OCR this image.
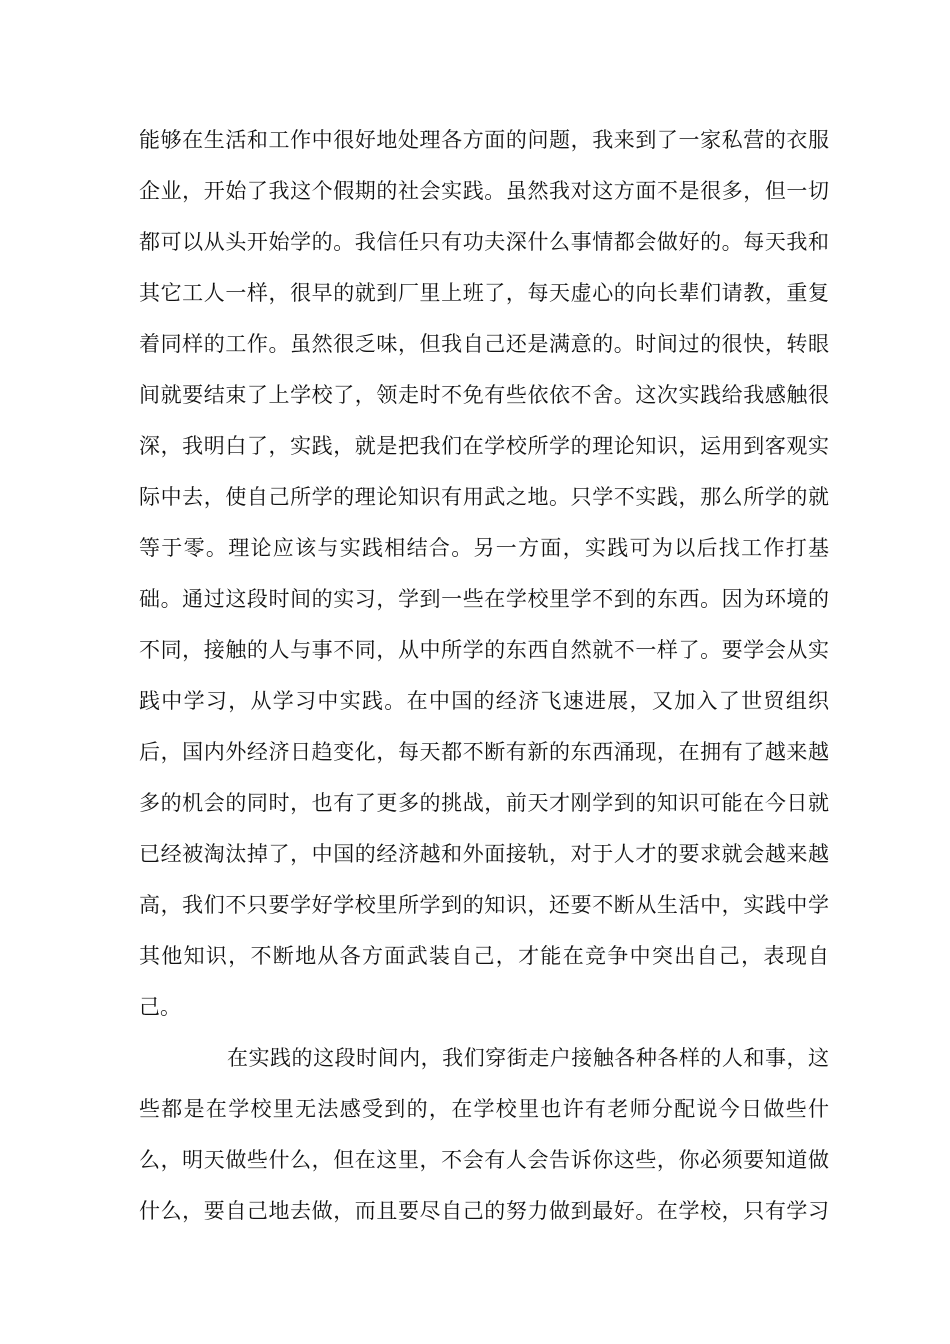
能够在生活和工作中很好地处理各方面的问题，我来到了一家私营的衣服
企业，开始了我这个假期的社会实践。虽然我对这方面不是很多，但一切
都可以从头开始学的。我信任只有功夫深什么事情都会做好的。每天我和
其它工人一样，很早的就到厂里上班了，每天虚心的向长辈们请教，重复
着同样的工作。虽然很乏味，但我自己还是满意的。时间过的很快，转眼
间就要结束了上学校了，领走时不免有些依依不舍。这次实践给我感触很
深，我明白了，实践，就是把我们在学校所学的理论知识，运用到客观实
际中去，使自己所学的理论知识有用武之地。只学不实践，那么所学的就
等于零。理论应该与实践相结合。另一方面，实践可为以后找工作打基
础。通过这段时间的实习，学到一些在学校里学不到的东西。因为环境的
不同，接触的人与事不同，从中所学的东西自然就不一样了。要学会从实
践中学习，从学习中实践。在中国的经济飞速进展，又加入了世贸组织
后，国内外经济日趋变化，每天都不断有新的东西涌现，在拥有了越来越
多的机会的同时，也有了更多的挑战，前天才刚学到的知识可能在今日就
已经被淘汰掉了，中国的经济越和外面接轨，对于人才的要求就会越来越
高，我们不只要学好学校里所学到的知识，还要不断从生活中，实践中学
其他知识，不断地从各方面武装自己，才能在竞争中突出自己，表现自
己。
在实践的这段时间内，我们穿街走户接触各种各样的人和事，这
些都是在学校里无法感受到的，在学校里也许有老师分配说今日做些什
么，明天做些什么，但在这里，不会有人会告诉你这些，你必须要知道做
什么，要自己地去做，而且要尽自己的努力做到最好。在学校，只有学习
